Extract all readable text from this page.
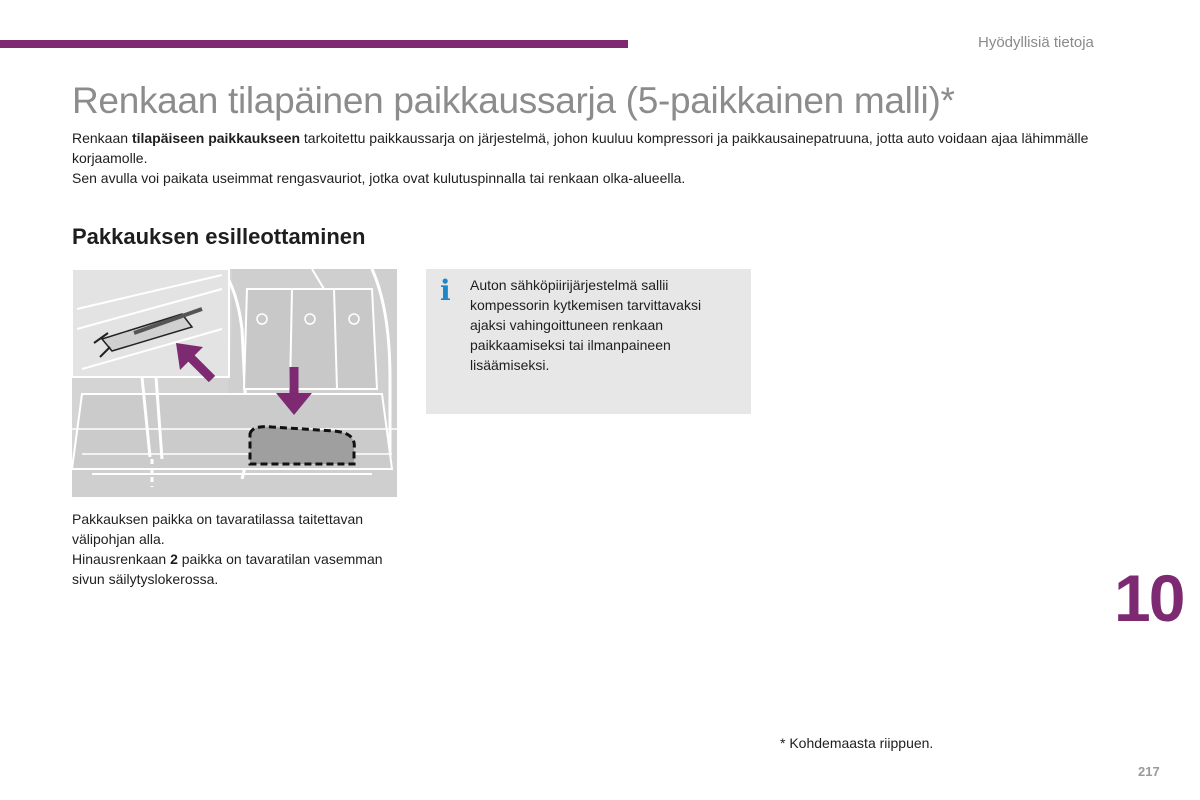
Hyödyllisiä tietoja
Renkaan tilapäinen paikkaussarja (5-paikkainen malli)*

Renkaan tilapäiseen paikkaukseen tarkoitettu paikkaussarja on järjestelmä, johon kuuluu kompressori ja paikkausainepatruuna, jotta auto voidaan ajaa lähimmälle korjaamolle.

Sen avulla voi paikata useimmat rengasvauriot, jotka ovat kulutuspinnalla tai renkaan olka-alueella.

Pakkauksen esilleottaminen

Pakkauksen paikka on tavaratilassa taitettavan välipohjan alla.

Hinausrenkaan 2 paikka on tavaratilan vasemman sivun säilytyslokerossa.

i Auton sähköpiirijärjestelmä sallii kompessorin kytkemisen tarvittavaksi ajaksi vahingoittuneen renkaan paikkaamiseksi tai ilmanpaineen lisäämiseksi.
10
* Kohdemaasta riippuen.
217
